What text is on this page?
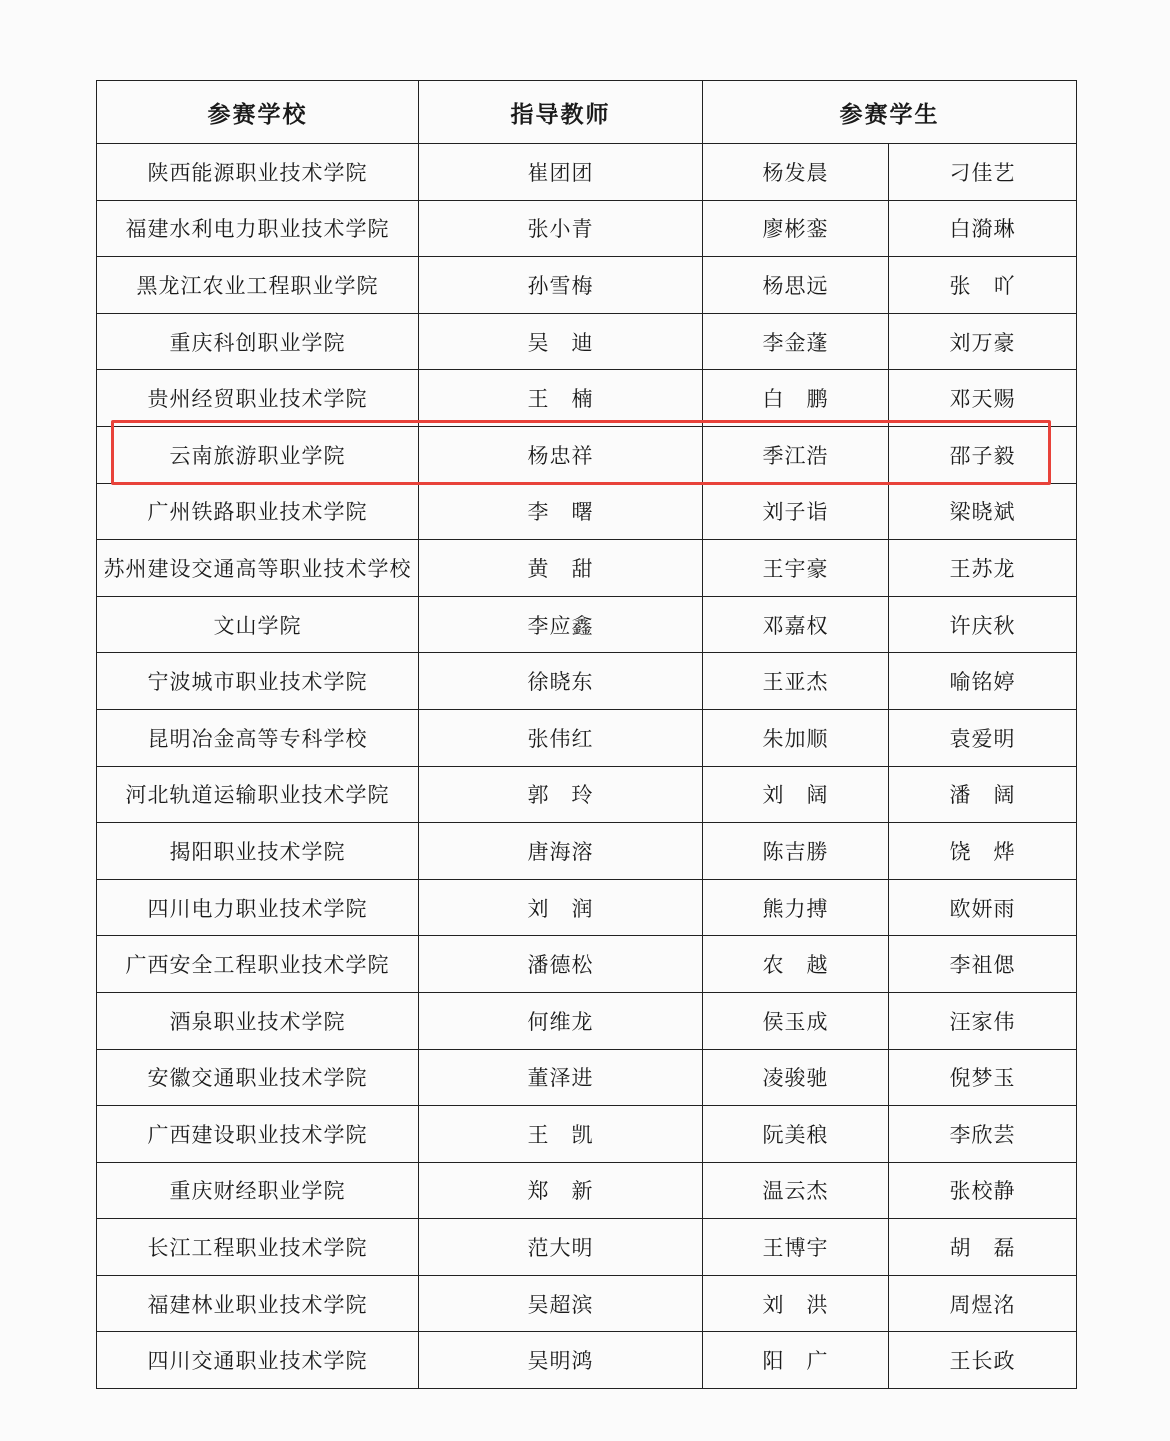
参赛学校	指导教师	参赛学生	
陕西能源职业技术学院	崔团团	杨发晨	刁佳艺
福建水利电力职业技术学院	张小青	廖彬銮	白漪琳
黑龙江农业工程职业学院	孙雪梅	杨思远	张　吖
重庆科创职业学院	吴　迪	李金蓬	刘万豪
贵州经贸职业技术学院	王　楠	白　鹏	邓天赐
云南旅游职业学院	杨忠祥	季江浩	邵子毅
广州铁路职业技术学院	李　曙	刘子诣	梁晓斌
苏州建设交通高等职业技术学校	黄　甜	王宇豪	王苏龙
文山学院	李应鑫	邓嘉权	许庆秋
宁波城市职业技术学院	徐晓东	王亚杰	喻铭婷
昆明冶金高等专科学校	张伟红	朱加顺	袁爱明
河北轨道运输职业技术学院	郭　玲	刘　阔	潘　阔
揭阳职业技术学院	唐海溶	陈吉勝	饶　烨
四川电力职业技术学院	刘　润	熊力搏	欧妍雨
广西安全工程职业技术学院	潘德松	农　越	李祖偲
酒泉职业技术学院	何维龙	侯玉成	汪家伟
安徽交通职业技术学院	董泽进	凌骏驰	倪梦玉
广西建设职业技术学院	王　凯	阮美稂	李欣芸
重庆财经职业学院	郑　新	温云杰	张校静
长江工程职业技术学院	范大明	王博宇	胡　磊
福建林业职业技术学院	吴超滨	刘　洪	周煜洺
四川交通职业技术学院	吴明鸿	阳　广	王长政
